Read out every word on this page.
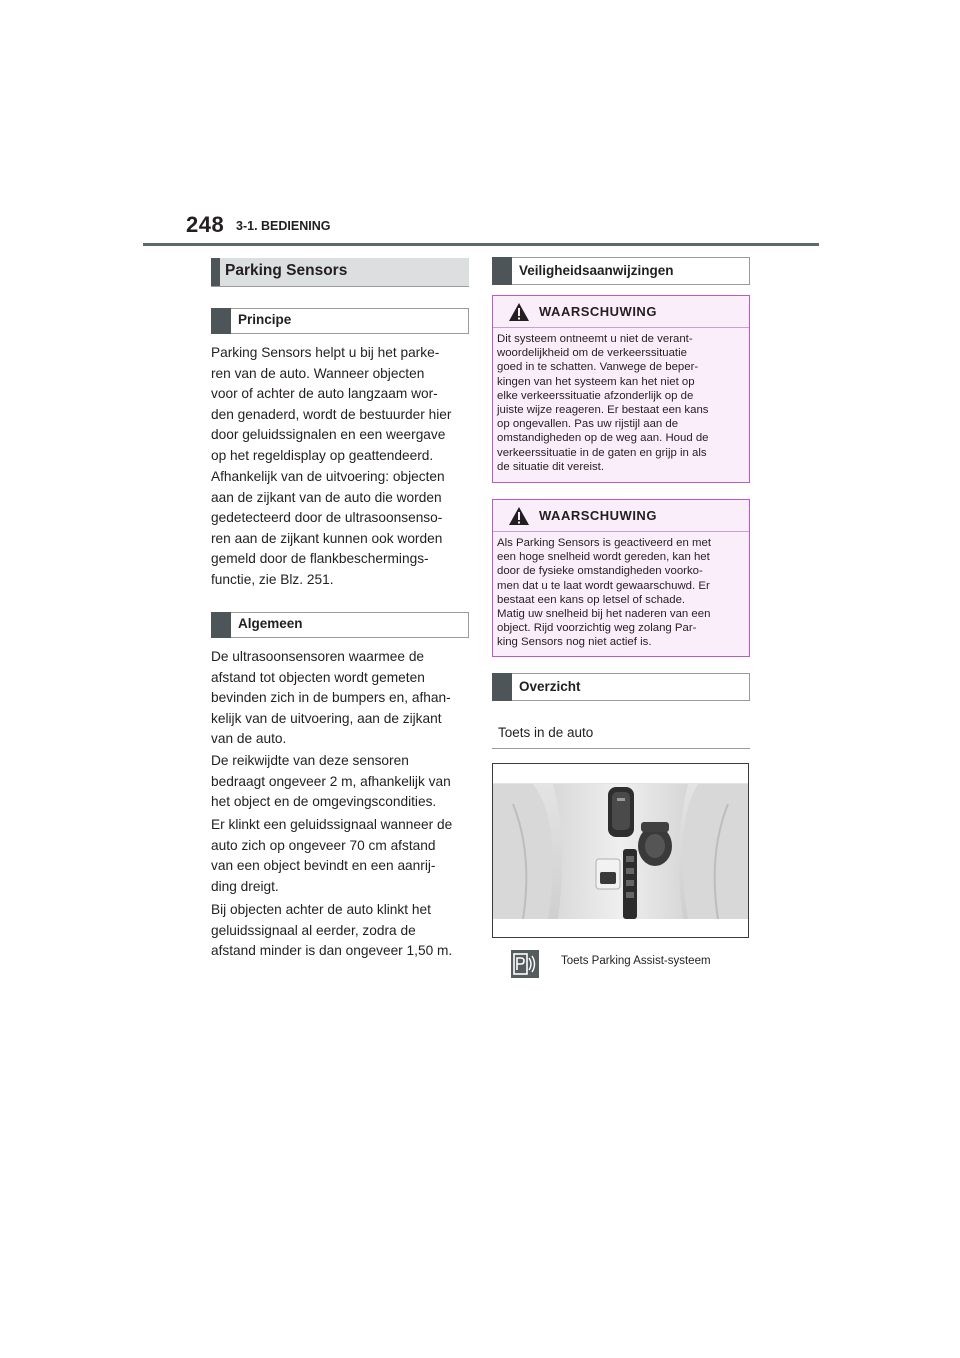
248 3-1. BEDIENING
Parking Sensors
Principe
Parking Sensors helpt u bij het parke-
ren van de auto. Wanneer objecten
voor of achter de auto langzaam wor-
den genaderd, wordt de bestuurder hier
door geluidssignalen en een weergave
op het regeldisplay op geattendeerd.
Afhankelijk van de uitvoering: objecten
aan de zijkant van de auto die worden
gedetecteerd door de ultrasoonsenso-
ren aan de zijkant kunnen ook worden
gemeld door de flankbeschermings-
functie, zie Blz. 251.
Algemeen
De ultrasoonsensoren waarmee de
afstand tot objecten wordt gemeten
bevinden zich in de bumpers en, afhan-
kelijk van de uitvoering, aan de zijkant
van de auto.
De reikwijdte van deze sensoren
bedraagt ongeveer 2 m, afhankelijk van
het object en de omgevingscondities.
Er klinkt een geluidssignaal wanneer de
auto zich op ongeveer 70 cm afstand
van een object bevindt en een aanrij-
ding dreigt.
Bij objecten achter de auto klinkt het
geluidssignaal al eerder, zodra de
afstand minder is dan ongeveer 1,50 m.
Veiligheidsaanwijzingen
WAARSCHUWING
Dit systeem ontneemt u niet de verant-
woordelijkheid om de verkeerssituatie
goed in te schatten. Vanwege de beper-
kingen van het systeem kan het niet op
elke verkeerssituatie afzonderlijk op de
juiste wijze reageren. Er bestaat een kans
op ongevallen. Pas uw rijstijl aan de
omstandigheden op de weg aan. Houd de
verkeerssituatie in de gaten en grijp in als
de situatie dit vereist.
WAARSCHUWING
Als Parking Sensors is geactiveerd en met
een hoge snelheid wordt gereden, kan het
door de fysieke omstandigheden voorko-
men dat u te laat wordt gewaarschuwd. Er
bestaat een kans op letsel of schade.
Matig uw snelheid bij het naderen van een
object. Rijd voorzichtig weg zolang Par-
king Sensors nog niet actief is.
Overzicht
Toets in de auto
Toets Parking Assist-systeem
